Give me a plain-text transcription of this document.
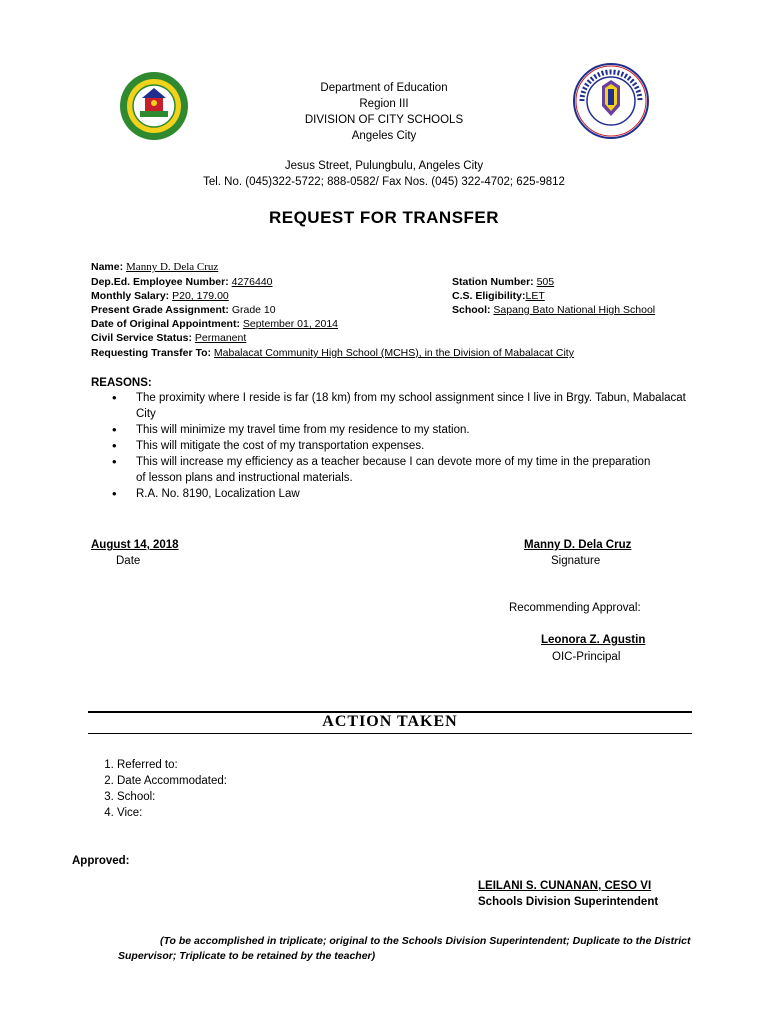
Department of Education
Region III
DIVISION OF CITY SCHOOLS
Angeles City
Jesus Street, Pulungbulu, Angeles City
Tel. No. (045)322-5722; 888-0582/ Fax Nos. (045) 322-4702; 625-9812
REQUEST FOR TRANSFER
Name: Manny D. Dela Cruz
Dep.Ed. Employee Number: 4276440
Monthly Salary: P20, 179.00
Present Grade Assignment: Grade 10
Date of Original Appointment: September 01, 2014
Civil Service Status: Permanent
Requesting Transfer To: Mabalacat Community High School (MCHS), in the Division of Mabalacat City
Station Number: 505
C.S. Eligibility:LET
School: Sapang Bato National High School
REASONS:
• The proximity where I reside is far (18 km) from my school assignment since I live in Brgy. Tabun, Mabalacat City
• This will minimize my travel time from my residence to my station.
• This will mitigate the cost of my transportation expenses.
• This will increase my efficiency as a teacher because I can devote more of my time in the preparation of lesson plans and instructional materials.
• R.A. No. 8190, Localization Law
August 14, 2018
Date
Manny D. Dela Cruz
Signature
Recommending Approval:
Leonora Z. Agustin
OIC-Principal
ACTION TAKEN
1. Referred to:
2. Date Accommodated:
3. School:
4. Vice:
Approved:
LEILANI S. CUNANAN, CESO VI
Schools Division Superintendent
(To be accomplished in triplicate; original to the Schools Division Superintendent; Duplicate to the District Supervisor; Triplicate to be retained by the teacher)
